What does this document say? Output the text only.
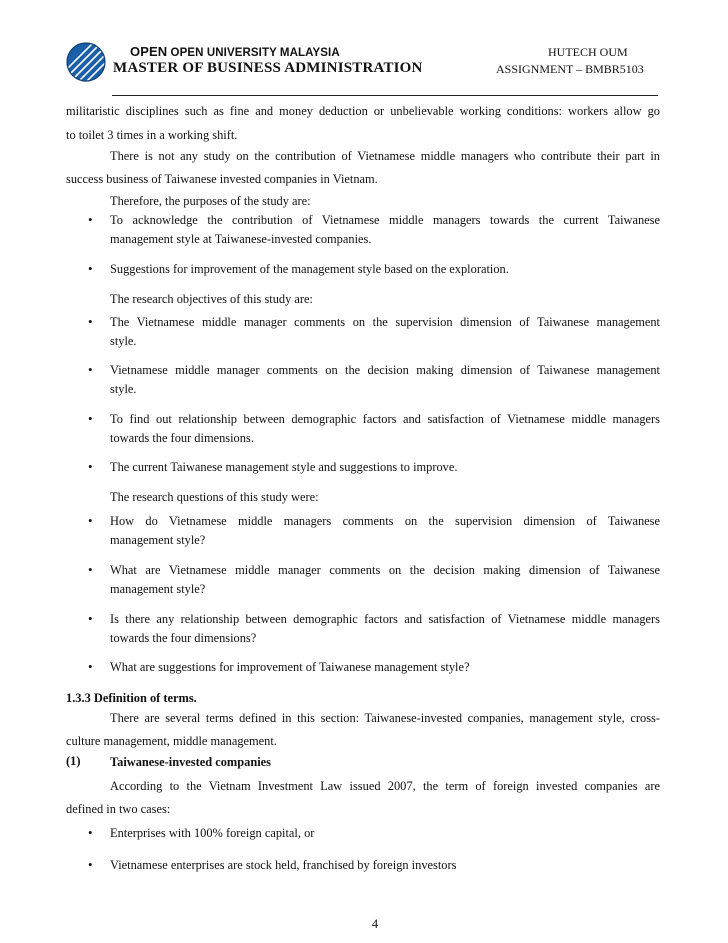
OPEN OPEN UNIVERSITY MALAYSIA
MASTER OF BUSINESS ADMINISTRATION
HUTECH OUM
ASSIGNMENT – BMBR5103
militaristic disciplines such as fine and money deduction or unbelievable working conditions: workers allow go
to toilet 3 times in a working shift.
There is not any study on the contribution of Vietnamese middle managers who contribute their part in
success business of Taiwanese invested companies in Vietnam.
Therefore, the purposes of the study are:
• To acknowledge the contribution of Vietnamese middle managers towards the current Taiwanese
management style at Taiwanese-invested companies.
• Suggestions for improvement of the management style based on the exploration.
The research objectives of this study are:
• The Vietnamese middle manager comments on the supervision dimension of Taiwanese management
style.
• Vietnamese middle manager comments on the decision making dimension of Taiwanese management
style.
• To find out relationship between demographic factors and satisfaction of Vietnamese middle managers
towards the four dimensions.
• The current Taiwanese management style and suggestions to improve.
The research questions of this study were:
• How do Vietnamese middle managers comments on the supervision dimension of Taiwanese
management style?
• What are Vietnamese middle manager comments on the decision making dimension of Taiwanese
management style?
• Is there any relationship between demographic factors and satisfaction of Vietnamese middle managers
towards the four dimensions?
• What are suggestions for improvement of Taiwanese management style?
1.3.3 Definition of terms.
There are several terms defined in this section: Taiwanese-invested companies, management style, cross-
culture management, middle management.
(1) Taiwanese-invested companies
According to the Vietnam Investment Law issued 2007, the term of foreign invested companies are
defined in two cases:
• Enterprises with 100% foreign capital, or
• Vietnamese enterprises are stock held, franchised by foreign investors
4
